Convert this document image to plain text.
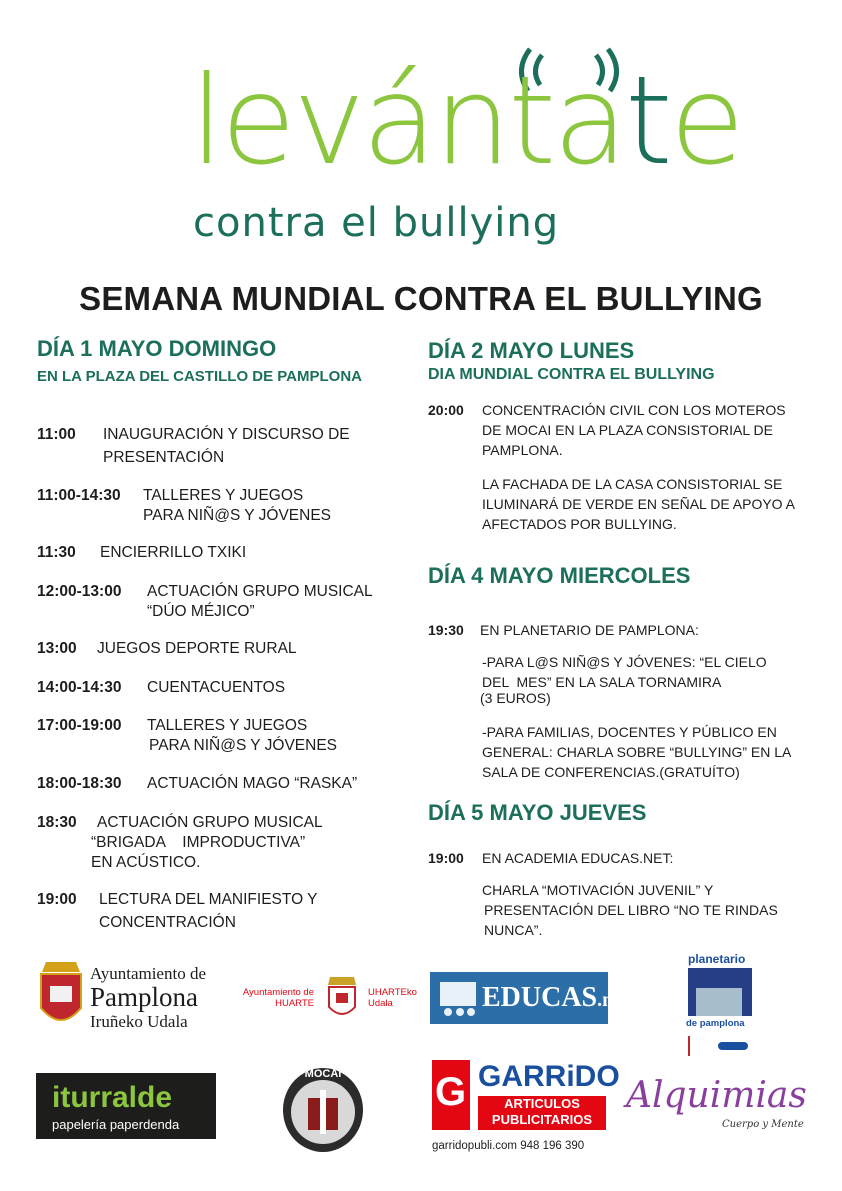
levántate
contra el bullying
SEMANA MUNDIAL CONTRA EL BULLYING
DÍA 1 MAYO DOMINGO
EN LA PLAZA DEL CASTILLO DE PAMPLONA
11:00 INAUGURACIÓN Y DISCURSO DE
PRESENTACIÓN
11:00-14:30 TALLERES Y JUEGOS
PARA NIÑ@S Y JÓVENES
11:30 ENCIERRILLO TXIKI
12:00-13:00 ACTUACIÓN GRUPO MUSICAL
“DÚO MÉJICO”
13:00 JUEGOS DEPORTE RURAL
14:00-14:30 CUENTACUENTOS
17:00-19:00 TALLERES Y JUEGOS
PARA NIÑ@S Y JÓVENES
18:00-18:30 ACTUACIÓN MAGO “RASKA”
18:30 ACTUACIÓN GRUPO MUSICAL
“BRIGADA    IMPRODUCTIVA”
EN ACÚSTICO.
19:00 LECTURA DEL MANIFIESTO Y
CONCENTRACIÓN
DÍA 2 MAYO LUNES
DIA MUNDIAL CONTRA EL BULLYING
20:00 CONCENTRACIÓN CIVIL CON LOS MOTEROS
DE MOCAI EN LA PLAZA CONSISTORIAL DE
PAMPLONA.
LA FACHADA DE LA CASA CONSISTORIAL SE
ILUMINARÁ DE VERDE EN SEÑAL DE APOYO A
AFECTADOS POR BULLYING.
DÍA 4 MAYO MIERCOLES
19:30 EN PLANETARIO DE PAMPLONA:
-PARA L@S NIÑ@S Y JÓVENES: “EL CIELO
DEL  MES” EN LA SALA TORNAMIRA
(3 EUROS)
-PARA FAMILIAS, DOCENTES Y PÚBLICO EN
GENERAL: CHARLA SOBRE “BULLYING” EN LA
SALA DE CONFERENCIAS.(GRATUÍTO)
DÍA 5 MAYO JUEVES
19:00 EN ACADEMIA EDUCAS.NET:
CHARLA “MOTIVACIÓN JUVENIL” Y
PRESENTACIÓN DEL LIBRO “NO TE RINDAS
NUNCA”.
Ayuntamiento de
Pamplona
Iruñeko Udala
Ayuntamiento de
HUARTE
UHARTEko
Udala	EDUCAS.net
planetario
de pamplona
iturralde
papelería paperdenda
MOCAI	G GARRiDO
ARTICULOS
PUBLICITARIOS
garridopubli.com 948 196 390
Alquimias
Cuerpo y Mente
